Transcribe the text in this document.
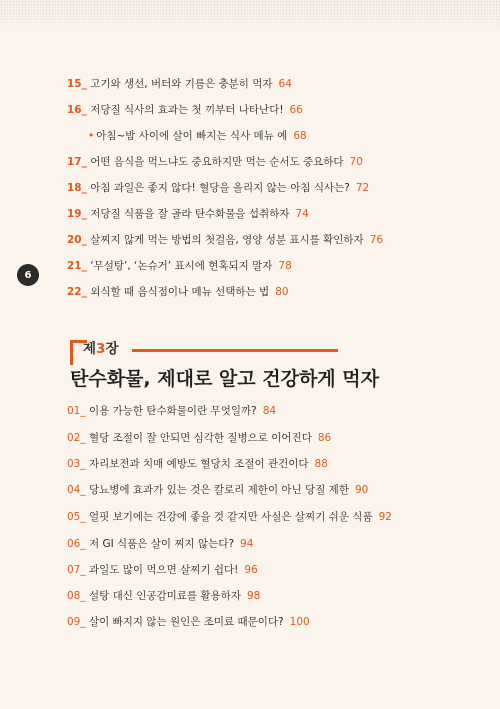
6
15_ 고기와 생선, 버터와 기름은 충분히 먹자 64
16_ 저당질 식사의 효과는 첫 끼부터 나타난다! 66
• 아침~밤 사이에 살이 빠지는 식사 메뉴 예 68
17_ 어떤 음식을 먹느냐도 중요하지만 먹는 순서도 중요하다 70
18_ 아침 과일은 좋지 않다! 혈당을 올리지 않는 아침 식사는? 72
19_ 저당질 식품을 잘 골라 탄수화물을 섭취하자 74
20_ 살찌지 않게 먹는 방법의 첫걸음, 영양 성분 표시를 확인하자 76
21_ ‘무설탕’, ‘논슈거’ 표시에 현혹되지 말자 78
22_ 외식할 때 음식점이나 메뉴 선택하는 법 80
제3장
탄수화물, 제대로 알고 건강하게 먹자
01_ 이용 가능한 탄수화물이란 무엇일까? 84
02_ 혈당 조절이 잘 안되면 심각한 질병으로 이어진다 86
03_ 자리보전과 치매 예방도 혈당치 조절이 관건이다 88
04_ 당뇨병에 효과가 있는 것은 칼로리 제한이 아닌 당질 제한 90
05_ 얼핏 보기에는 건강에 좋을 것 같지만 사실은 살찌기 쉬운 식품 92
06_ 저 GI 식품은 살이 찌지 않는다? 94
07_ 과일도 많이 먹으면 살찌기 쉽다! 96
08_ 설탕 대신 인공감미료를 활용하자 98
09_ 살이 빠지지 않는 원인은 조미료 때문이다? 100
